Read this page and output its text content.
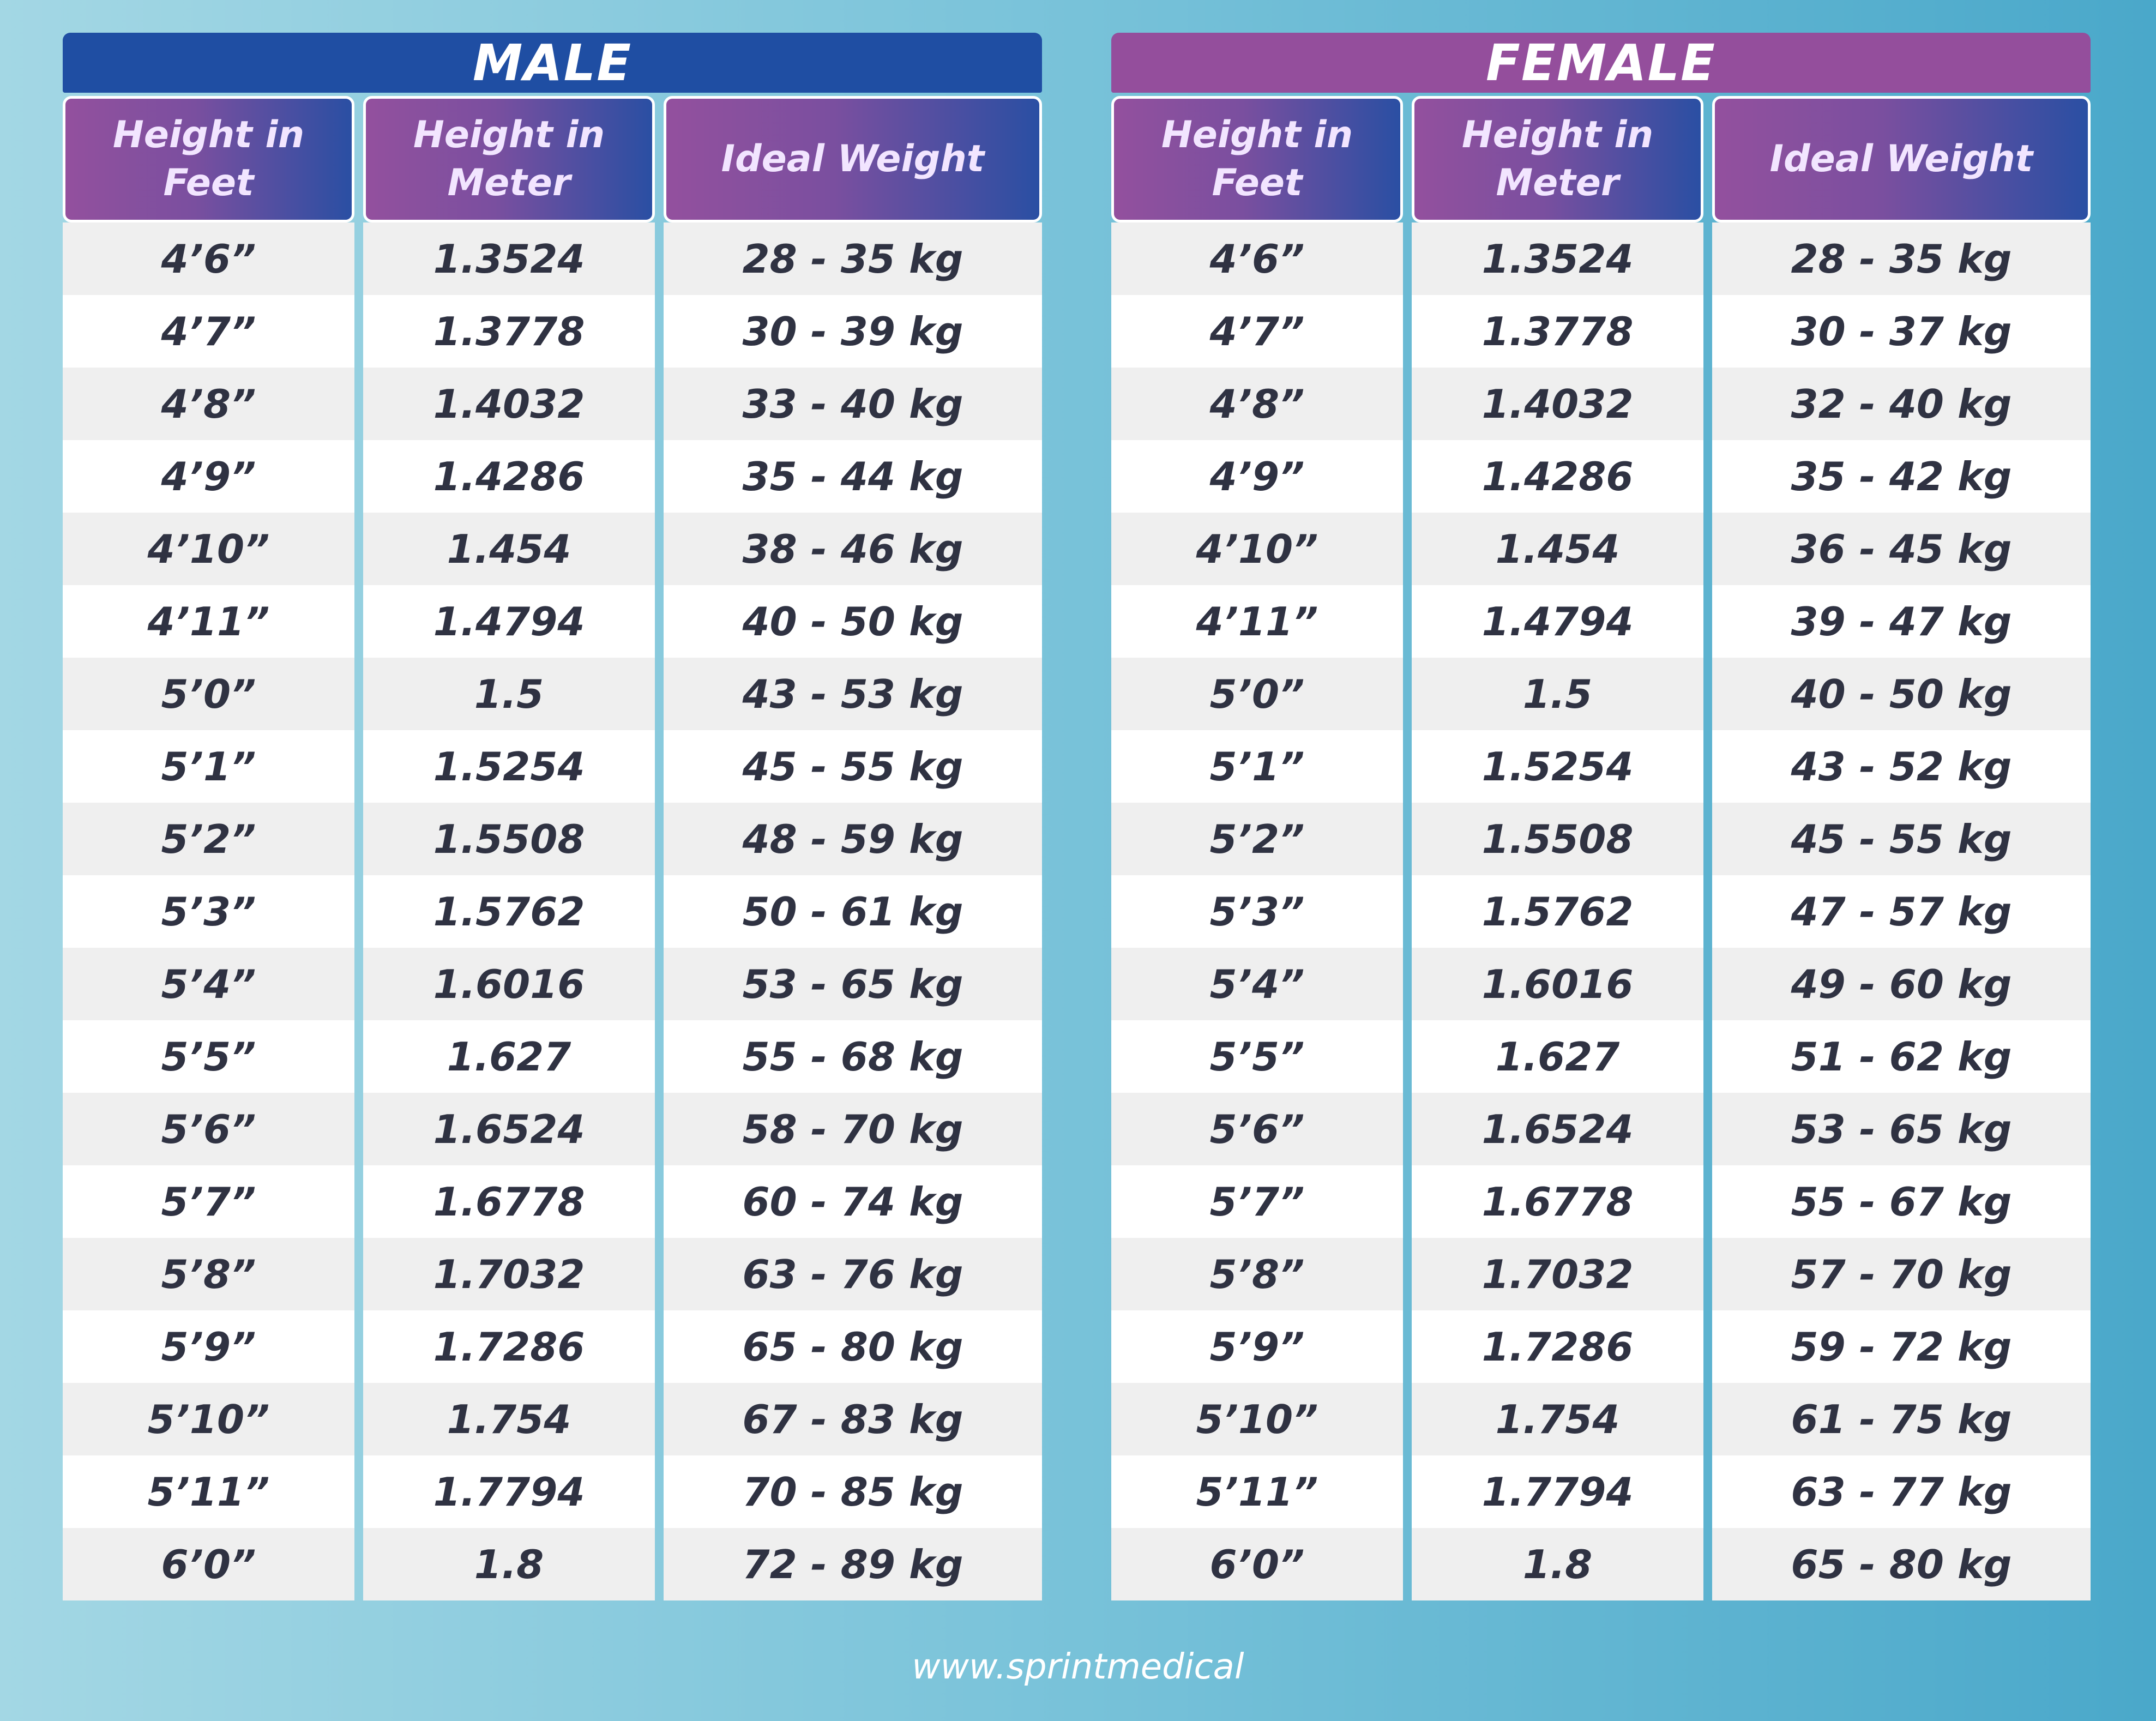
MALE
Height in Feet
4’6”
4’7”
4’8”
4’9”
4’10”
4’11”
5’0”
5’1”
5’2”
5’3”
5’4”
5’5”
5’6”
5’7”
5’8”
5’9”
5’10”
5’11”
6’0”
Height in Meter
1.3524
1.3778
1.4032
1.4286
1.454
1.4794
1.5
1.5254
1.5508
1.5762
1.6016
1.627
1.6524
1.6778
1.7032
1.7286
1.754
1.7794
1.8
Ideal Weight
28 - 35 kg
30 - 39 kg
33 - 40 kg
35 - 44 kg
38 - 46 kg
40 - 50 kg
43 - 53 kg
45 - 55 kg
48 - 59 kg
50 - 61 kg
53 - 65 kg
55 - 68 kg
58 - 70 kg
60 - 74 kg
63 - 76 kg
65 - 80 kg
67 - 83 kg
70 - 85 kg
72 - 89 kg
FEMALE
Height in Feet
4’6”
4’7”
4’8”
4’9”
4’10”
4’11”
5’0”
5’1”
5’2”
5’3”
5’4”
5’5”
5’6”
5’7”
5’8”
5’9”
5’10”
5’11”
6’0”
Height in Meter
1.3524
1.3778
1.4032
1.4286
1.454
1.4794
1.5
1.5254
1.5508
1.5762
1.6016
1.627
1.6524
1.6778
1.7032
1.7286
1.754
1.7794
1.8
Ideal Weight
28 - 35 kg
30 - 37 kg
32 - 40 kg
35 - 42 kg
36 - 45 kg
39 - 47 kg
40 - 50 kg
43 - 52 kg
45 - 55 kg
47 - 57 kg
49 - 60 kg
51 - 62 kg
53 - 65 kg
55 - 67 kg
57 - 70 kg
59 - 72 kg
61 - 75 kg
63 - 77 kg
65 - 80 kg
www.sprintmedical
